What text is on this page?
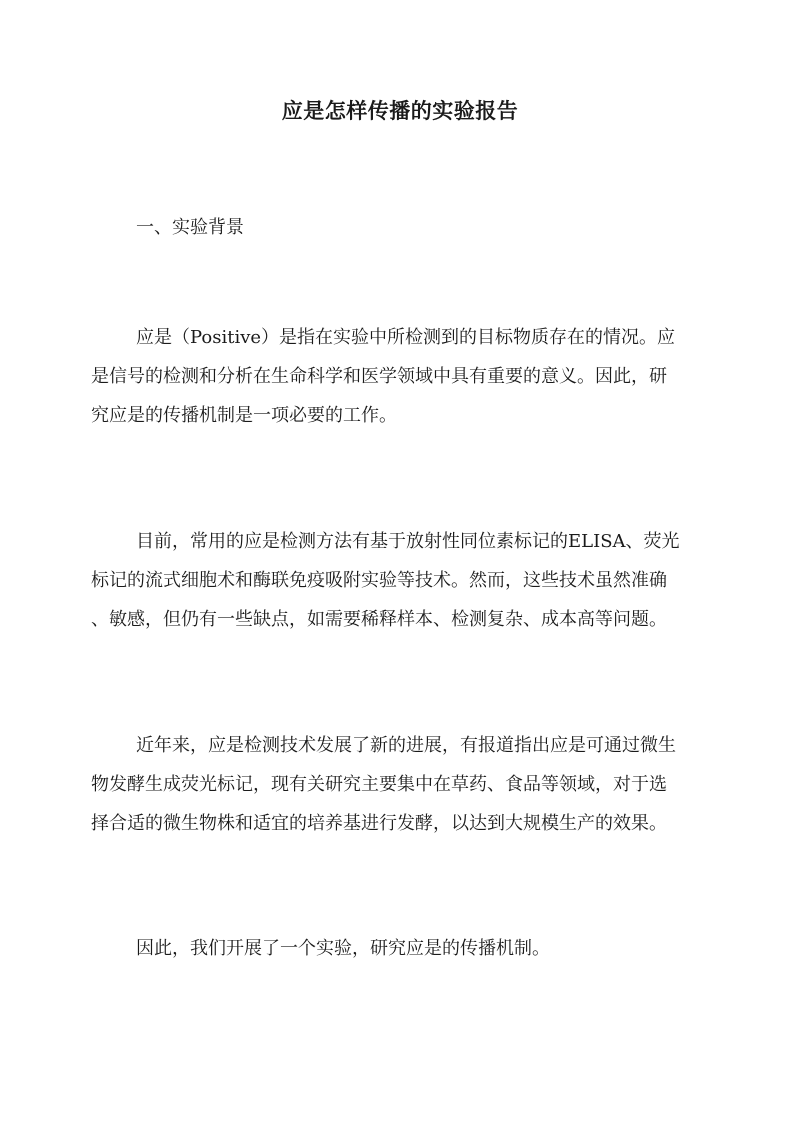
应是怎样传播的实验报告
一、实验背景
应是（Positive）是指在实验中所检测到的目标物质存在的情况。应
是信号的检测和分析在生命科学和医学领域中具有重要的意义。因此，研
究应是的传播机制是一项必要的工作。
目前，常用的应是检测方法有基于放射性同位素标记的ELISA、荧光
标记的流式细胞术和酶联免疫吸附实验等技术。然而，这些技术虽然准确
、敏感，但仍有一些缺点，如需要稀释样本、检测复杂、成本高等问题。
近年来，应是检测技术发展了新的进展，有报道指出应是可通过微生
物发酵生成荧光标记，现有关研究主要集中在草药、食品等领域，对于选
择合适的微生物株和适宜的培养基进行发酵，以达到大规模生产的效果。
因此，我们开展了一个实验，研究应是的传播机制。
